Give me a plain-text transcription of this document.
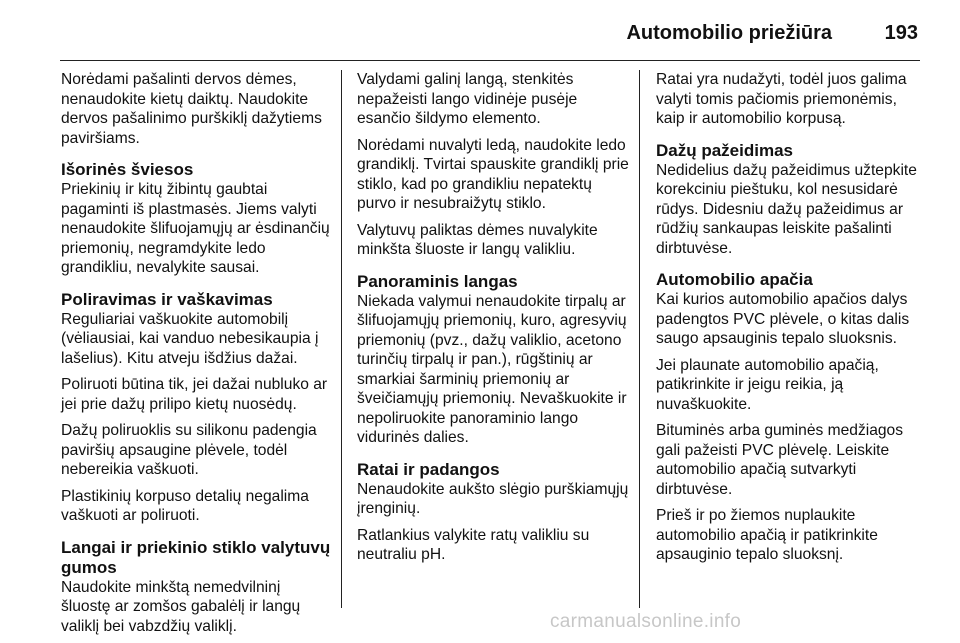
Automobilio priežiūra	193

Norėdami pašalinti dervos dėmes, nenaudokite kietų daiktų. Naudokite dervos pašalinimo purškiklį dažytiems paviršiams.

Išorinės šviesos

Priekinių ir kitų žibintų gaubtai pagaminti iš plastmasės. Jiems valyti nenaudokite šlifuojamųjų ar ėsdinančių priemonių, negramdykite ledo grandikliu, nevalykite sausai.

Poliravimas ir vaškavimas

Reguliariai vaškuokite automobilį (vėliausiai, kai vanduo nebesikaupia į lašelius). Kitu atveju išdžius dažai.

Poliruoti būtina tik, jei dažai nubluko ar jei prie dažų prilipo kietų nuosėdų.

Dažų poliruoklis su silikonu padengia paviršių apsaugine plėvele, todėl nebereikia vaškuoti.

Plastikinių korpuso detalių negalima vaškuoti ar poliruoti.

Langai ir priekinio stiklo valytuvų gumos

Naudokite minkštą nemedvilninį šluostę ar zomšos gabalėlį ir langų valiklį bei vabzdžių valiklį.

Valydami galinį langą, stenkitės nepažeisti lango vidinėje pusėje esančio šildymo elemento.

Norėdami nuvalyti ledą, naudokite ledo grandiklį. Tvirtai spauskite grandiklį prie stiklo, kad po grandikliu nepatektų purvo ir nesubraižytų stiklo.

Valytuvų paliktas dėmes nuvalykite minkšta šluoste ir langų valikliu.

Panoraminis langas

Niekada valymui nenaudokite tirpalų ar šlifuojamųjų priemonių, kuro, agresyvių priemonių (pvz., dažų valiklio, acetono turinčių tirpalų ir pan.), rūgštinių ar smarkiai šarminių priemonių ar šveičiamųjų priemonių. Nevaškuokite ir nepoliruokite panoraminio lango vidurinės dalies.

Ratai ir padangos

Nenaudokite aukšto slėgio purškiamųjų įrenginių.

Ratlankius valykite ratų valikliu su neutraliu pH.

Ratai yra nudažyti, todėl juos galima valyti tomis pačiomis priemonėmis, kaip ir automobilio korpusą.

Dažų pažeidimas

Nedidelius dažų pažeidimus užtepkite korekciniu pieštuku, kol nesusidarė rūdys. Didesniu dažų pažeidimus ar rūdžių sankaupas leiskite pašalinti dirbtuvėse.

Automobilio apačia

Kai kurios automobilio apačios dalys padengtos PVC plėvele, o kitas dalis saugo apsauginis tepalo sluoksnis.

Jei plaunate automobilio apačią, patikrinkite ir jeigu reikia, ją nuvaškuokite.

Bituminės arba guminės medžiagos gali pažeisti PVC plėvelę. Leiskite automobilio apačią sutvarkyti dirbtuvėse.

Prieš ir po žiemos nuplaukite automobilio apačią ir patikrinkite apsauginio tepalo sluoksnį.

carmanualsonline.info
